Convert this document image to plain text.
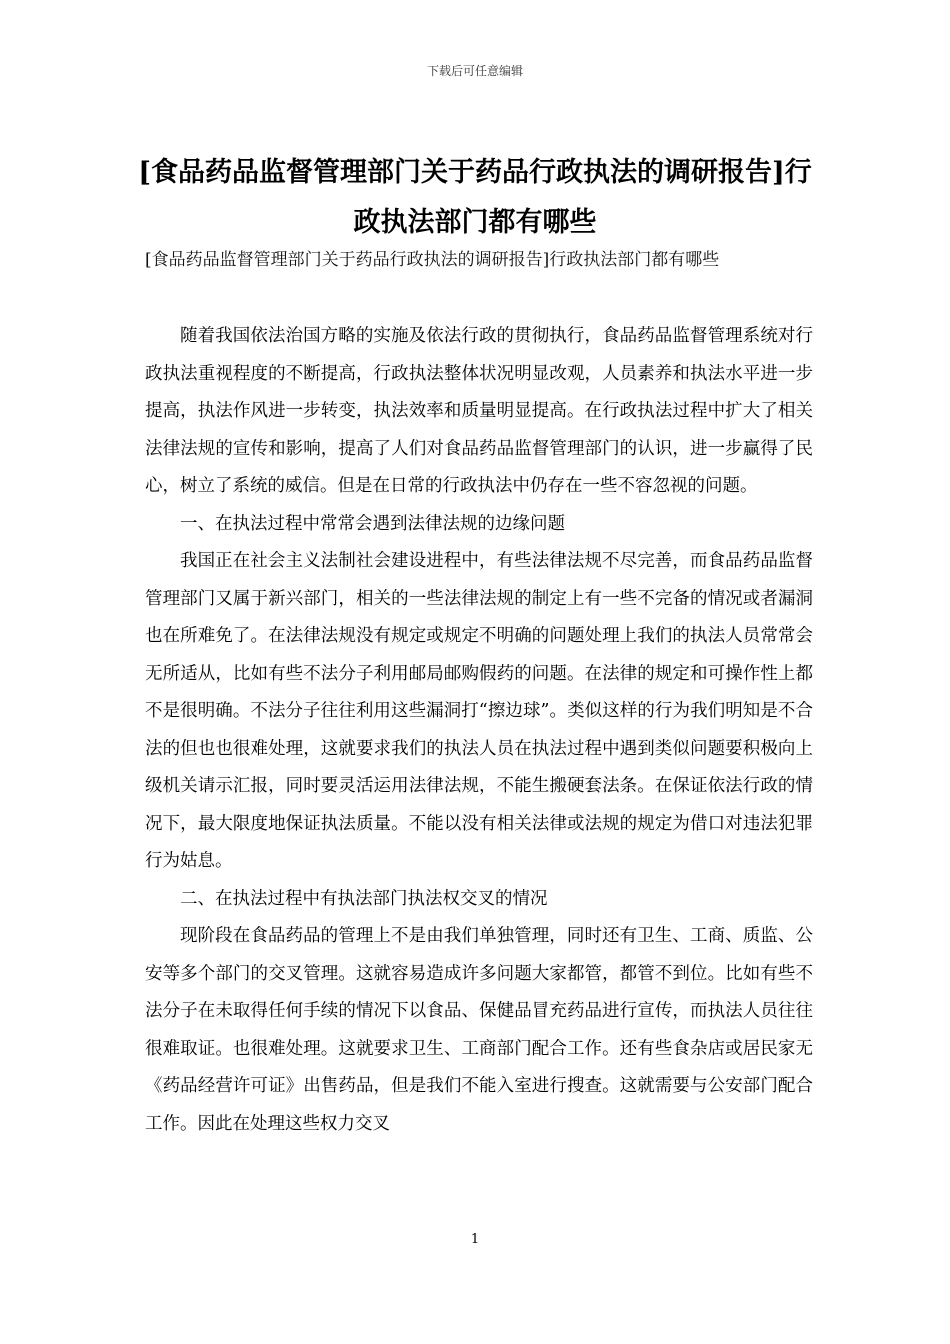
下载后可任意编辑
[食品药品监督管理部门关于药品行政执法的调研报告]行政执法部门都有哪些
[食品药品监督管理部门关于药品行政执法的调研报告]行政执法部门都有哪些

随着我国依法治国方略的实施及依法行政的贯彻执行，食品药品监督管理系统对行政执法重视程度的不断提高，行政执法整体状况明显改观，人员素养和执法水平进一步提高，执法作风进一步转变，执法效率和质量明显提高。在行政执法过程中扩大了相关法律法规的宣传和影响，提高了人们对食品药品监督管理部门的认识，进一步赢得了民心，树立了系统的威信。但是在日常的行政执法中仍存在一些不容忽视的问题。

一、在执法过程中常常会遇到法律法规的边缘问题

我国正在社会主义法制社会建设进程中，有些法律法规不尽完善，而食品药品监督管理部门又属于新兴部门，相关的一些法律法规的制定上有一些不完备的情况或者漏洞也在所难免了。在法律法规没有规定或规定不明确的问题处理上我们的执法人员常常会无所适从，比如有些不法分子利用邮局邮购假药的问题。在法律的规定和可操作性上都不是很明确。不法分子往往利用这些漏洞打“擦边球”。类似这样的行为我们明知是不合法的但也也很难处理，这就要求我们的执法人员在执法过程中遇到类似问题要积极向上级机关请示汇报，同时要灵活运用法律法规，不能生搬硬套法条。在保证依法行政的情况下，最大限度地保证执法质量。不能以没有相关法律或法规的规定为借口对违法犯罪行为姑息。

二、在执法过程中有执法部门执法权交叉的情况

现阶段在食品药品的管理上不是由我们单独管理，同时还有卫生、工商、质监、公安等多个部门的交叉管理。这就容易造成许多问题大家都管，都管不到位。比如有些不法分子在未取得任何手续的情况下以食品、保健品冒充药品进行宣传，而执法人员往往很难取证。也很难处理。这就要求卫生、工商部门配合工作。还有些食杂店或居民家无《药品经营许可证》出售药品，但是我们不能入室进行搜查。这就需要与公安部门配合工作。因此在处理这些权力交叉

1
